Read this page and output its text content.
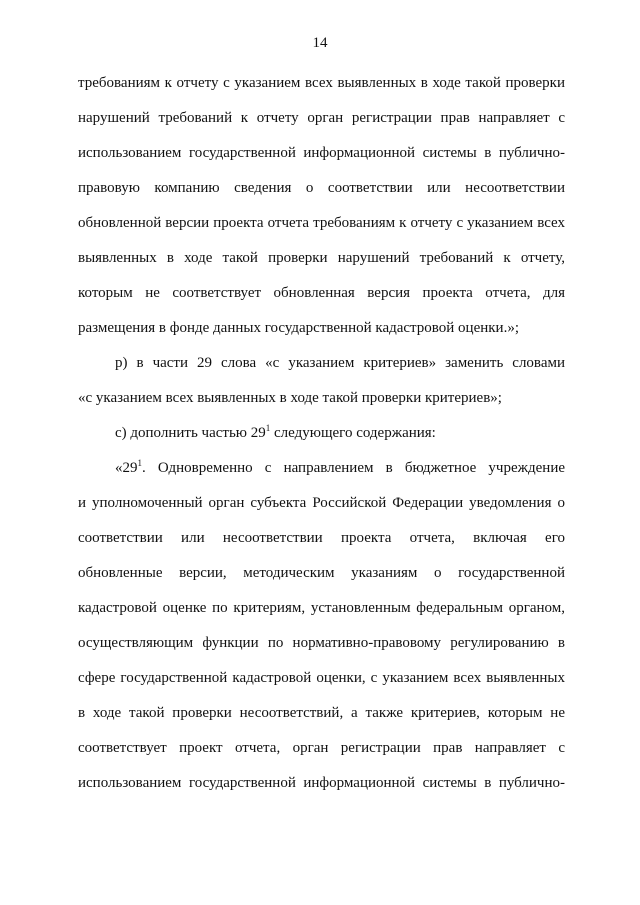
14
требованиям к отчету с указанием всех выявленных в ходе такой проверки
нарушений требований к отчету орган регистрации прав направляет с
использованием государственной информационной системы в публично-
правовую компанию сведения о соответствии или несоответствии
обновленной версии проекта отчета требованиям к отчету с указанием всех
выявленных в ходе такой проверки нарушений требований к отчету,
которым не соответствует обновленная версия проекта отчета, для
размещения в фонде данных государственной кадастровой оценки.»;
р) в части 29 слова «с указанием критериев» заменить словами
«с указанием всех выявленных в ходе такой проверки критериев»;
с) дополнить частью $29^1$ следующего содержания:
«$29^1$. Одновременно с направлением в бюджетное учреждение
и уполномоченный орган субъекта Российской Федерации уведомления о
соответствии или несоответствии проекта отчета, включая его
обновленные версии, методическим указаниям о государственной
кадастровой оценке по критериям, установленным федеральным органом,
осуществляющим функции по нормативно-правовому регулированию в
сфере государственной кадастровой оценки, с указанием всех выявленных
в ходе такой проверки несоответствий, а также критериев, которым не
соответствует проект отчета, орган регистрации прав направляет с
использованием государственной информационной системы в публично-
